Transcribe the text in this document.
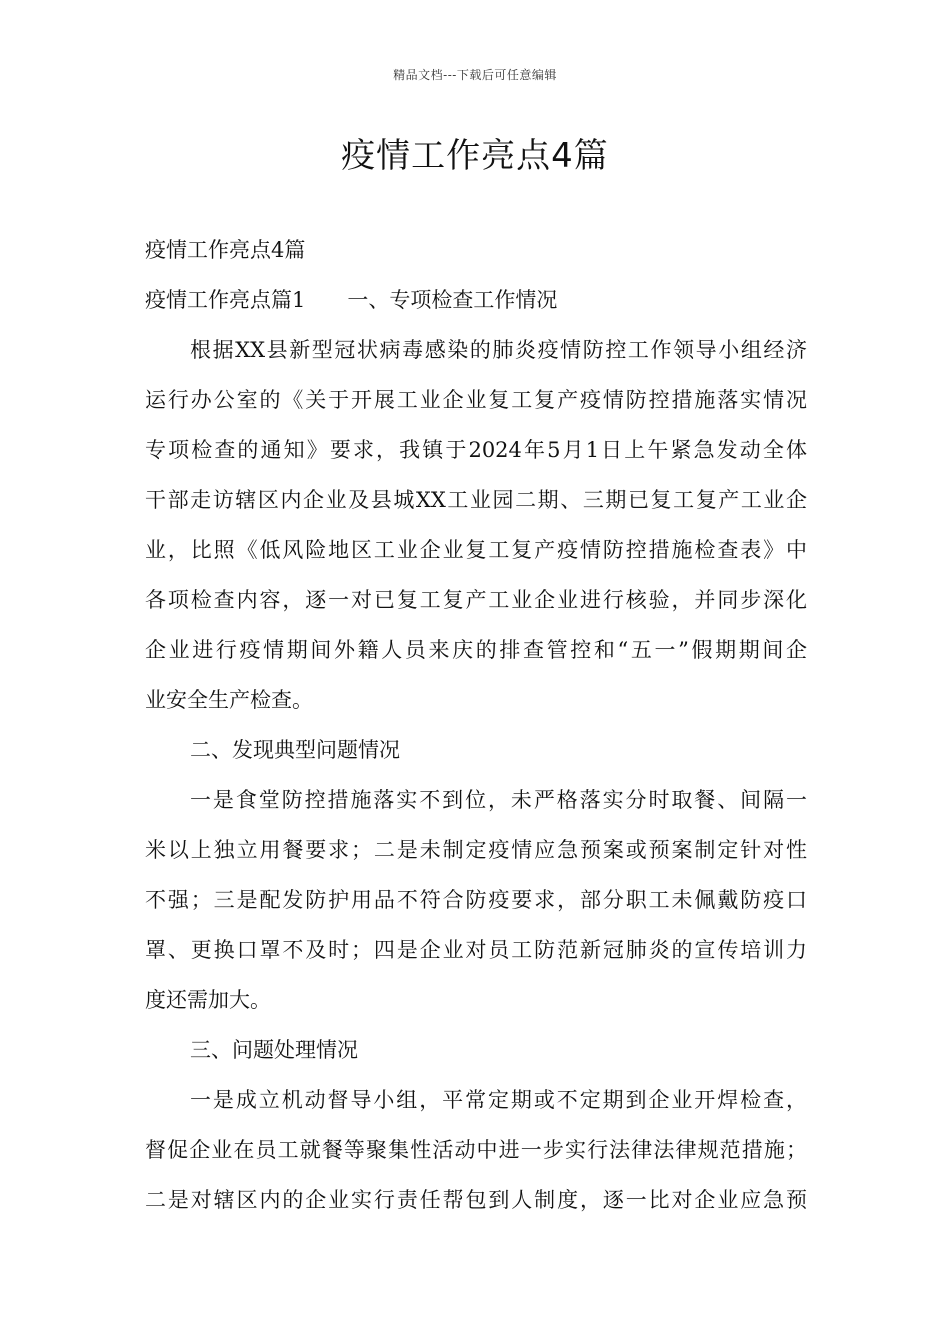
精品文档---下载后可任意编辑
疫情工作亮点4篇

疫情工作亮点4篇

疫情工作亮点篇1 一、专项检查工作情况

根据XX县新型冠状病毒感染的肺炎疫情防控工作领导小组经济

运行办公室的《关于开展工业企业复工复产疫情防控措施落实情况

专项检查的通知》要求，我镇于2024年5月1日上午紧急发动全体

干部走访辖区内企业及县城XX工业园二期、三期已复工复产工业企

业，比照《低风险地区工业企业复工复产疫情防控措施检查表》中

各项检查内容，逐一对已复工复产工业企业进行核验，并同步深化

企业进行疫情期间外籍人员来庆的排查管控和“五一”假期期间企

业安全生产检查。

二、发现典型问题情况

一是食堂防控措施落实不到位，未严格落实分时取餐、间隔一

米以上独立用餐要求；二是未制定疫情应急预案或预案制定针对性

不强；三是配发防护用品不符合防疫要求，部分职工未佩戴防疫口

罩、更换口罩不及时；四是企业对员工防范新冠肺炎的宣传培训力

度还需加大。

三、问题处理情况

一是成立机动督导小组，平常定期或不定期到企业开焊检查，

督促企业在员工就餐等聚集性活动中进一步实行法律法律规范措施；

二是对辖区内的企业实行责任帮包到人制度，逐一比对企业应急预
